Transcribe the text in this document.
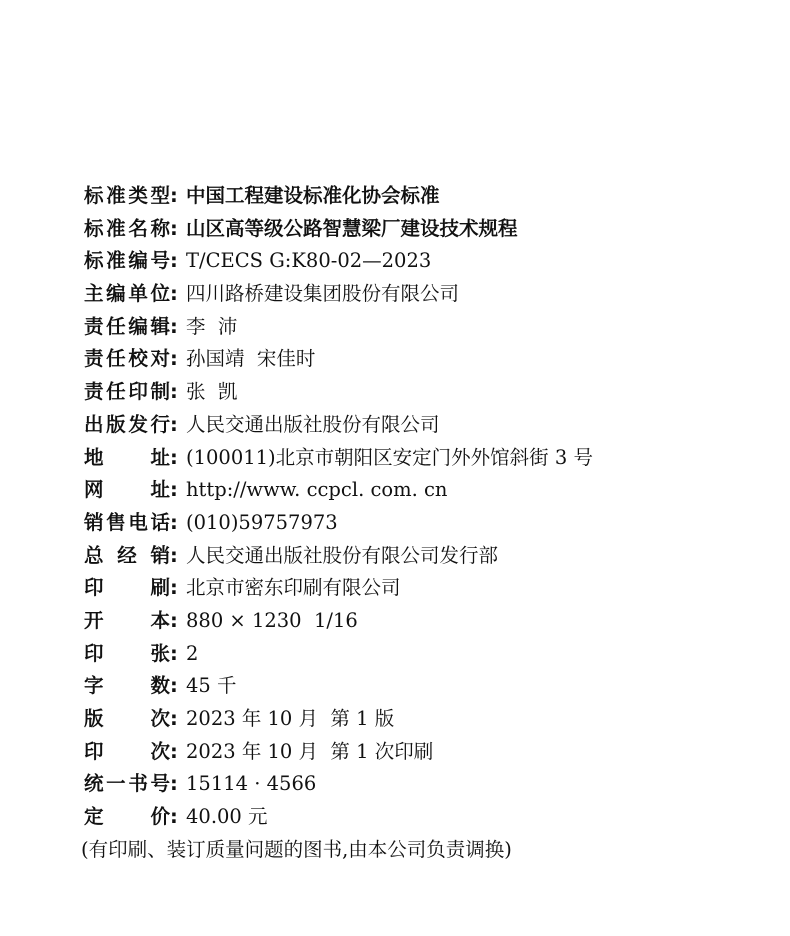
标准类型 : 中国工程建设标准化协会标准
标准名称 : 山区高等级公路智慧梁厂建设技术规程
标准编号 : T/CECS G:K80-02—2023
主编单位 : 四川路桥建设集团股份有限公司
责任编辑 : 李  沛
责任校对 : 孙国靖  宋佳时
责任印制 : 张  凯
出版发行 : 人民交通出版社股份有限公司
地址 : (100011)北京市朝阳区安定门外外馆斜街 3 号
网址 : http://www. ccpcl. com. cn
销售电话 : (010)59757973
总经销 : 人民交通出版社股份有限公司发行部
印刷 : 北京市密东印刷有限公司
开本 : 880 × 1230  1/16
印张 : 2
字数 : 45 千
版次 : 2023 年 10 月  第 1 版
印次 : 2023 年 10 月  第 1 次印刷
统一书号 : 15114 · 4566
定价 : 40.00 元
(有印刷、装订质量问题的图书,由本公司负责调换)
